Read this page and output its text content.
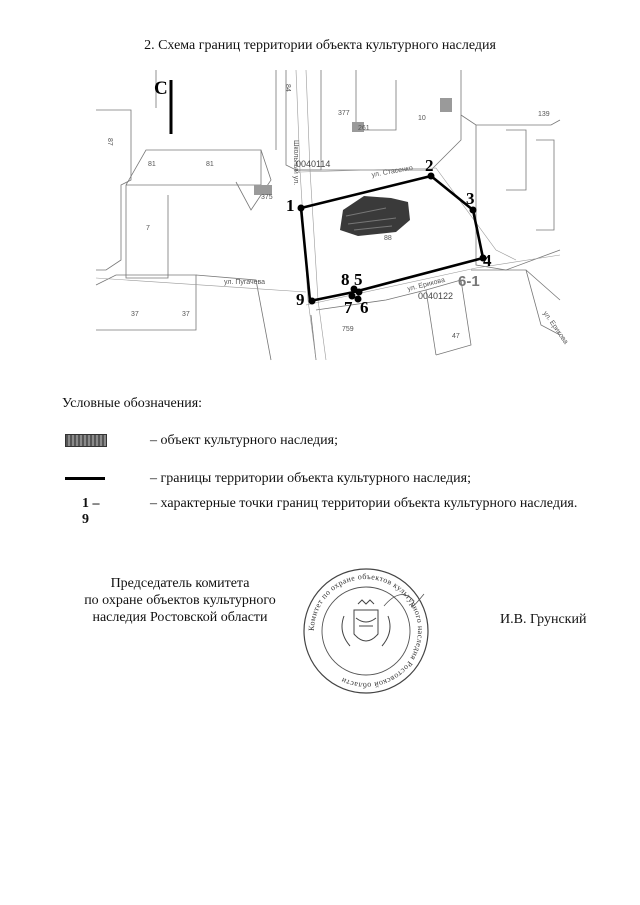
2. Схема границ территории объекта культурного наследия
1
2
3
4
5
6
7
8
9
С
ул. Стасенко
Школьный ул.
ул. Пугачева	ул. Ерикова
ул. Ерикова
0040114
0040122
377
261
10
139
81	81
87
7
375
88
37	37
759
47
84
6-1
Условные обозначения:
– объект культурного наследия;
– границы территории объекта культурного наследия;
1 – 9
– характерные точки границ территории объекта культурного наследия.
Председатель комитета
по охране объектов культурного
наследия Ростовской области
Комитет по охране объектов культурного наследия Ростовской области
И.В. Грунский
